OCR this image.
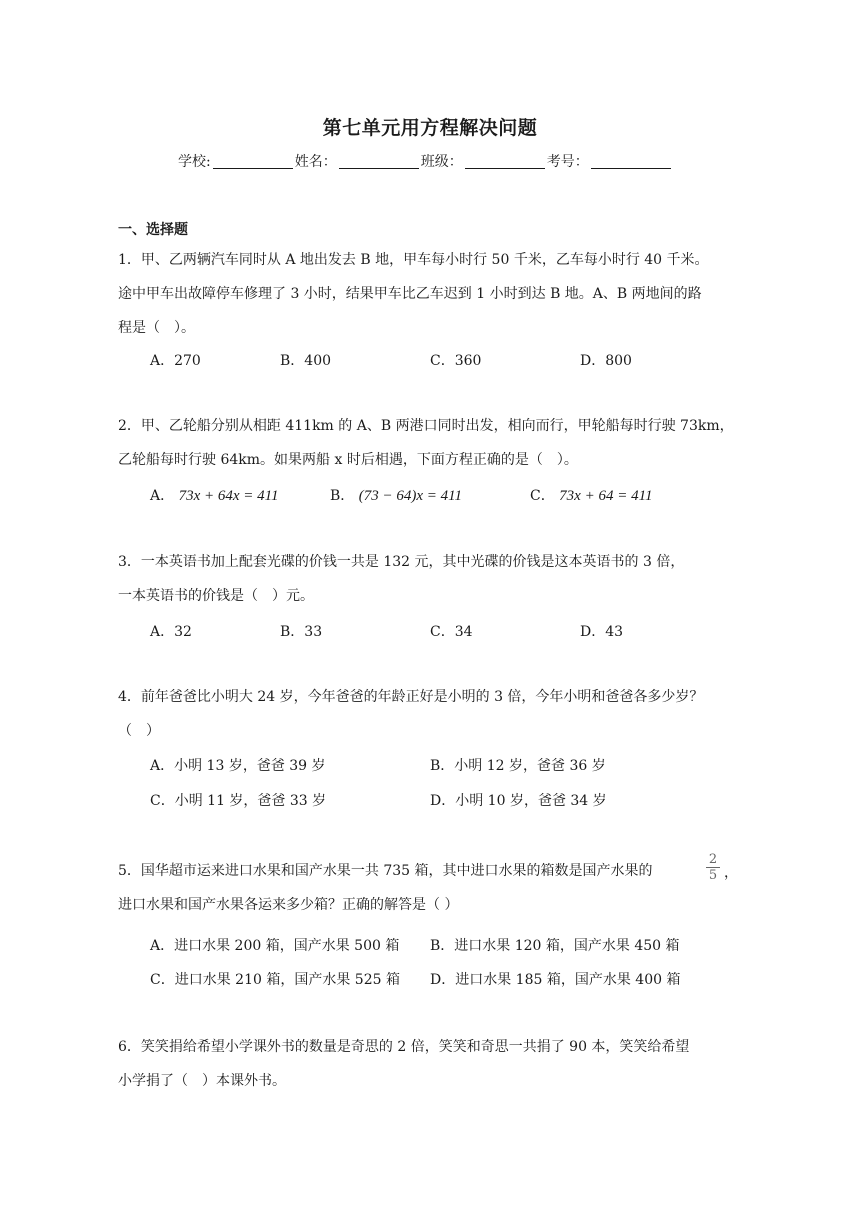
第七单元用方程解决问题
学校:	姓名：	班级：	考号：
一、选择题

1．甲、乙两辆汽车同时从 A 地出发去 B 地，甲车每小时行 50 千米，乙车每小时行 40 千米。

途中甲车出故障停车修理了 3 小时，结果甲车比乙车迟到 1 小时到达 B 地。A、B 两地间的路

程是（　）。

A．270	B．400	C．360	D．800

2．甲、乙轮船分别从相距 411km 的 A、B 两港口同时出发，相向而行，甲轮船每时行驶 73km，

乙轮船每时行驶 64km。如果两船 x 时后相遇，下面方程正确的是（　）。

A． 73x + 64x = 411	B． (73 − 64)x = 411	C． 73x + 64 = 411

3．一本英语书加上配套光碟的价钱一共是 132 元，其中光碟的价钱是这本英语书的 3 倍，

一本英语书的价钱是（　）元。

A．32	B．33	C．34	D．43

4．前年爸爸比小明大 24 岁，今年爸爸的年龄正好是小明的 3 倍，今年小明和爸爸各多少岁？

（　）

A．小明 13 岁，爸爸 39 岁	B．小明 12 岁，爸爸 36 岁
C．小明 11 岁，爸爸 33 岁	D．小明 10 岁，爸爸 34 岁

5．国华超市运来进口水果和国产水果一共 735 箱，其中进口水果的箱数是国产水果的

进口水果和国产水果各运来多少箱？正确的解答是（ ）

2
5 ，
A．进口水果 200 箱，国产水果 500 箱 B．进口水果 120 箱，国产水果 450 箱
C．进口水果 210 箱，国产水果 525 箱 D．进口水果 185 箱，国产水果 400 箱

6．笑笑捐给希望小学课外书的数量是奇思的 2 倍，笑笑和奇思一共捐了 90 本，笑笑给希望

小学捐了（　）本课外书。
